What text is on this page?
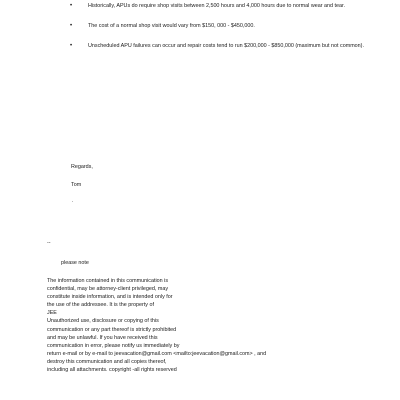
•	Historically, APUs do require shop visits between 2,500 hours and 4,000 hours due to normal wear and tear.
•	The cost of a normal shop visit would vary from $150, 000 - $450,000.
•	Unscheduled APU failures can occur and repair costs tend to run $200,000 - $850,000 (maximum but not common).
Regards,
Tom
.
--
please note
The information contained in this communication is
confidential, may be attorney-client privileged, may
constitute inside information, and is intended only for
the use of the addressee. It is the property of
JEE
Unauthorized use, disclosure or copying of this
communication or any part thereof is strictly prohibited
and may be unlawful. If you have received this
communication in error, please notify us immediately by
return e-mail or by e-mail to jeevacation@gmail.com <mailto:jeevacation@gmail.com> , and
destroy this communication and all copies thereof,
including all attachments. copyright -all rights reserved
